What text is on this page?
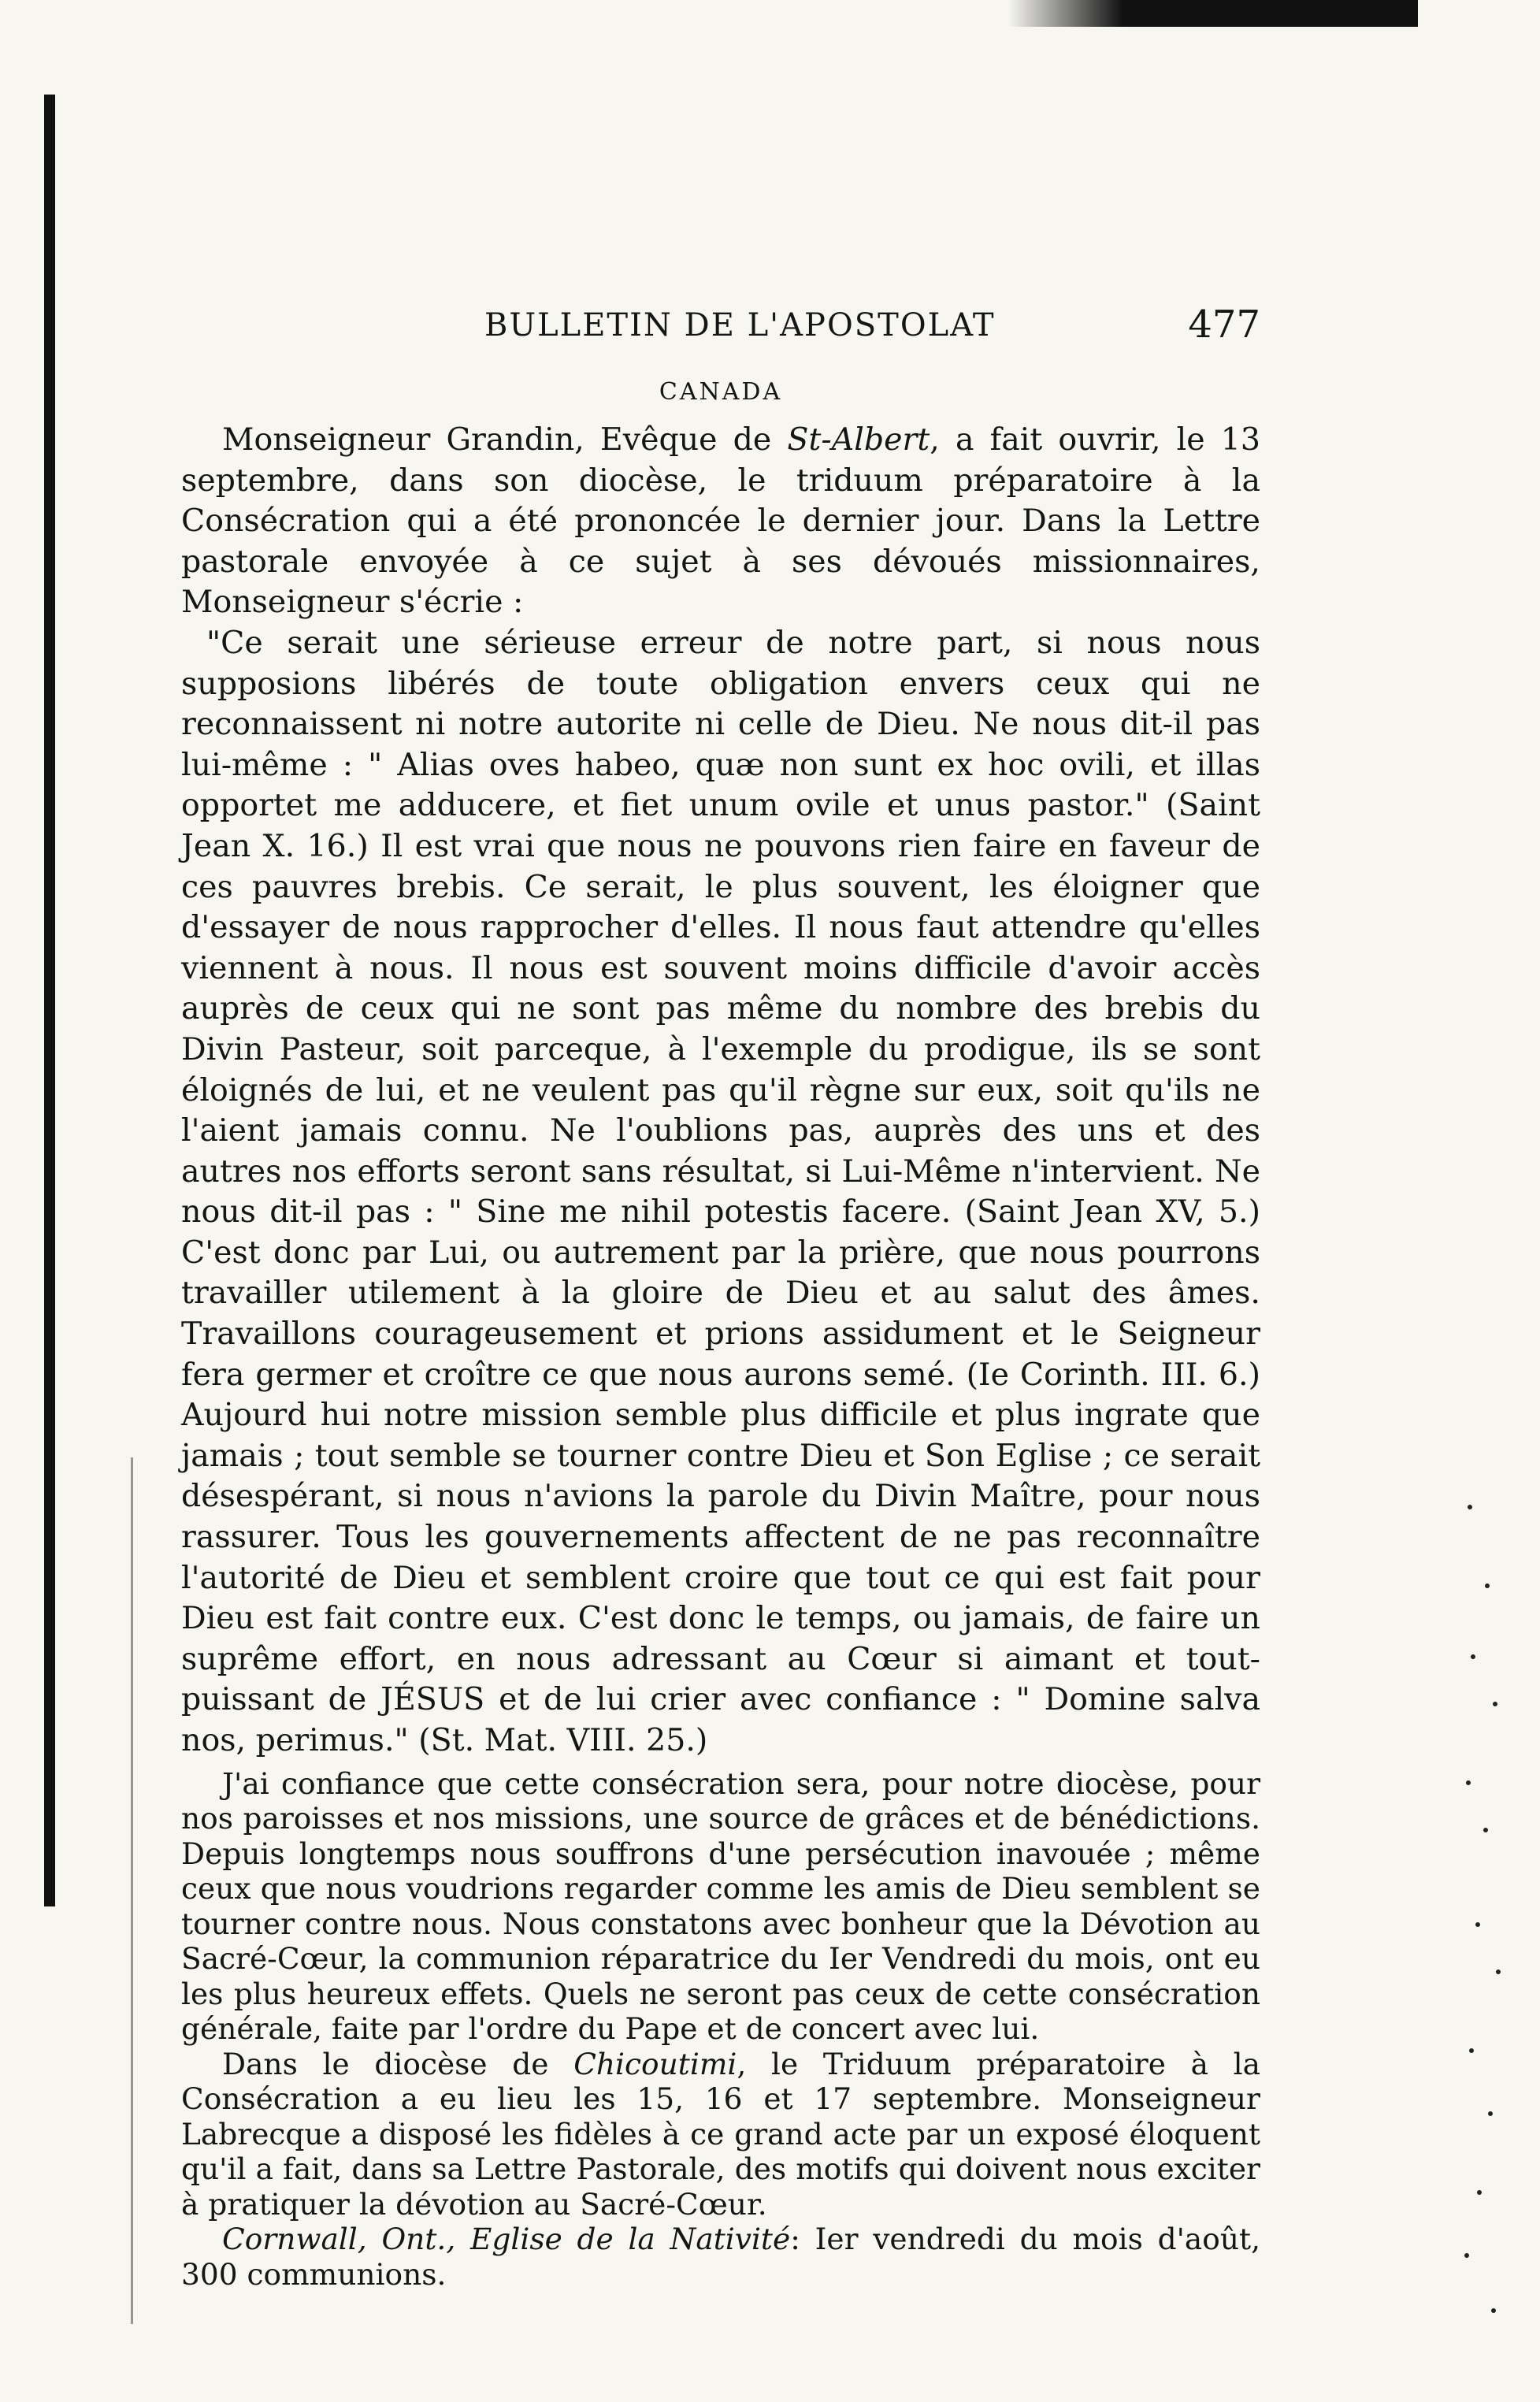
BULLETIN DE L'APOSTOLAT	477
CANADA

Monseigneur Grandin, Evêque de St-Albert, a fait ouvrir, le 13 septembre, dans son diocèse, le triduum préparatoire à la Consécration qui a été prononcée le dernier jour. Dans la Lettre pastorale envoyée à ce sujet à ses dévoués missionnaires, Monseigneur s'écrie :

"Ce serait une sérieuse erreur de notre part, si nous nous supposions libérés de toute obligation envers ceux qui ne reconnaissent ni notre autorite ni celle de Dieu. Ne nous dit-il pas lui-même : " Alias oves habeo, quæ non sunt ex hoc ovili, et illas opportet me adducere, et fiet unum ovile et unus pastor." (Saint Jean X. 16.) Il est vrai que nous ne pouvons rien faire en faveur de ces pauvres brebis. Ce serait, le plus souvent, les éloigner que d'essayer de nous rapprocher d'elles. Il nous faut attendre qu'elles viennent à nous. Il nous est souvent moins difficile d'avoir accès auprès de ceux qui ne sont pas même du nombre des brebis du Divin Pasteur, soit parceque, à l'exemple du prodigue, ils se sont éloignés de lui, et ne veulent pas qu'il règne sur eux, soit qu'ils ne l'aient jamais connu. Ne l'oublions pas, auprès des uns et des autres nos efforts seront sans résultat, si Lui-Même n'intervient. Ne nous dit-il pas : " Sine me nihil potestis facere. (Saint Jean XV, 5.) C'est donc par Lui, ou autrement par la prière, que nous pourrons travailler utilement à la gloire de Dieu et au salut des âmes. Travaillons courageusement et prions assidument et le Seigneur fera germer et croître ce que nous aurons semé. (Ie Corinth. III. 6.) Aujourd hui notre mission semble plus difficile et plus ingrate que jamais ; tout semble se tourner contre Dieu et Son Eglise ; ce serait désespérant, si nous n'avions la parole du Divin Maître, pour nous rassurer. Tous les gouvernements affectent de ne pas reconnaître l'autorité de Dieu et semblent croire que tout ce qui est fait pour Dieu est fait contre eux. C'est donc le temps, ou jamais, de faire un suprême effort, en nous adressant au Cœur si aimant et tout-puissant de JÉSUS et de lui crier avec confiance : " Domine salva nos, perimus." (St. Mat. VIII. 25.)

J'ai confiance que cette consécration sera, pour notre diocèse, pour nos paroisses et nos missions, une source de grâces et de bénédictions. Depuis longtemps nous souffrons d'une persécution inavouée ; même ceux que nous voudrions regarder comme les amis de Dieu semblent se tourner contre nous. Nous constatons avec bonheur que la Dévotion au Sacré-Cœur, la communion réparatrice du Ier Vendredi du mois, ont eu les plus heureux effets. Quels ne seront pas ceux de cette consécration générale, faite par l'ordre du Pape et de concert avec lui.

Dans le diocèse de Chicoutimi, le Triduum préparatoire à la Consécration a eu lieu les 15, 16 et 17 septembre. Monseigneur Labrecque a disposé les fidèles à ce grand acte par un exposé éloquent qu'il a fait, dans sa Lettre Pastorale, des motifs qui doivent nous exciter à pratiquer la dévotion au Sacré-Cœur.

Cornwall, Ont., Eglise de la Nativité: Ier vendredi du mois d'août, 300 communions.
